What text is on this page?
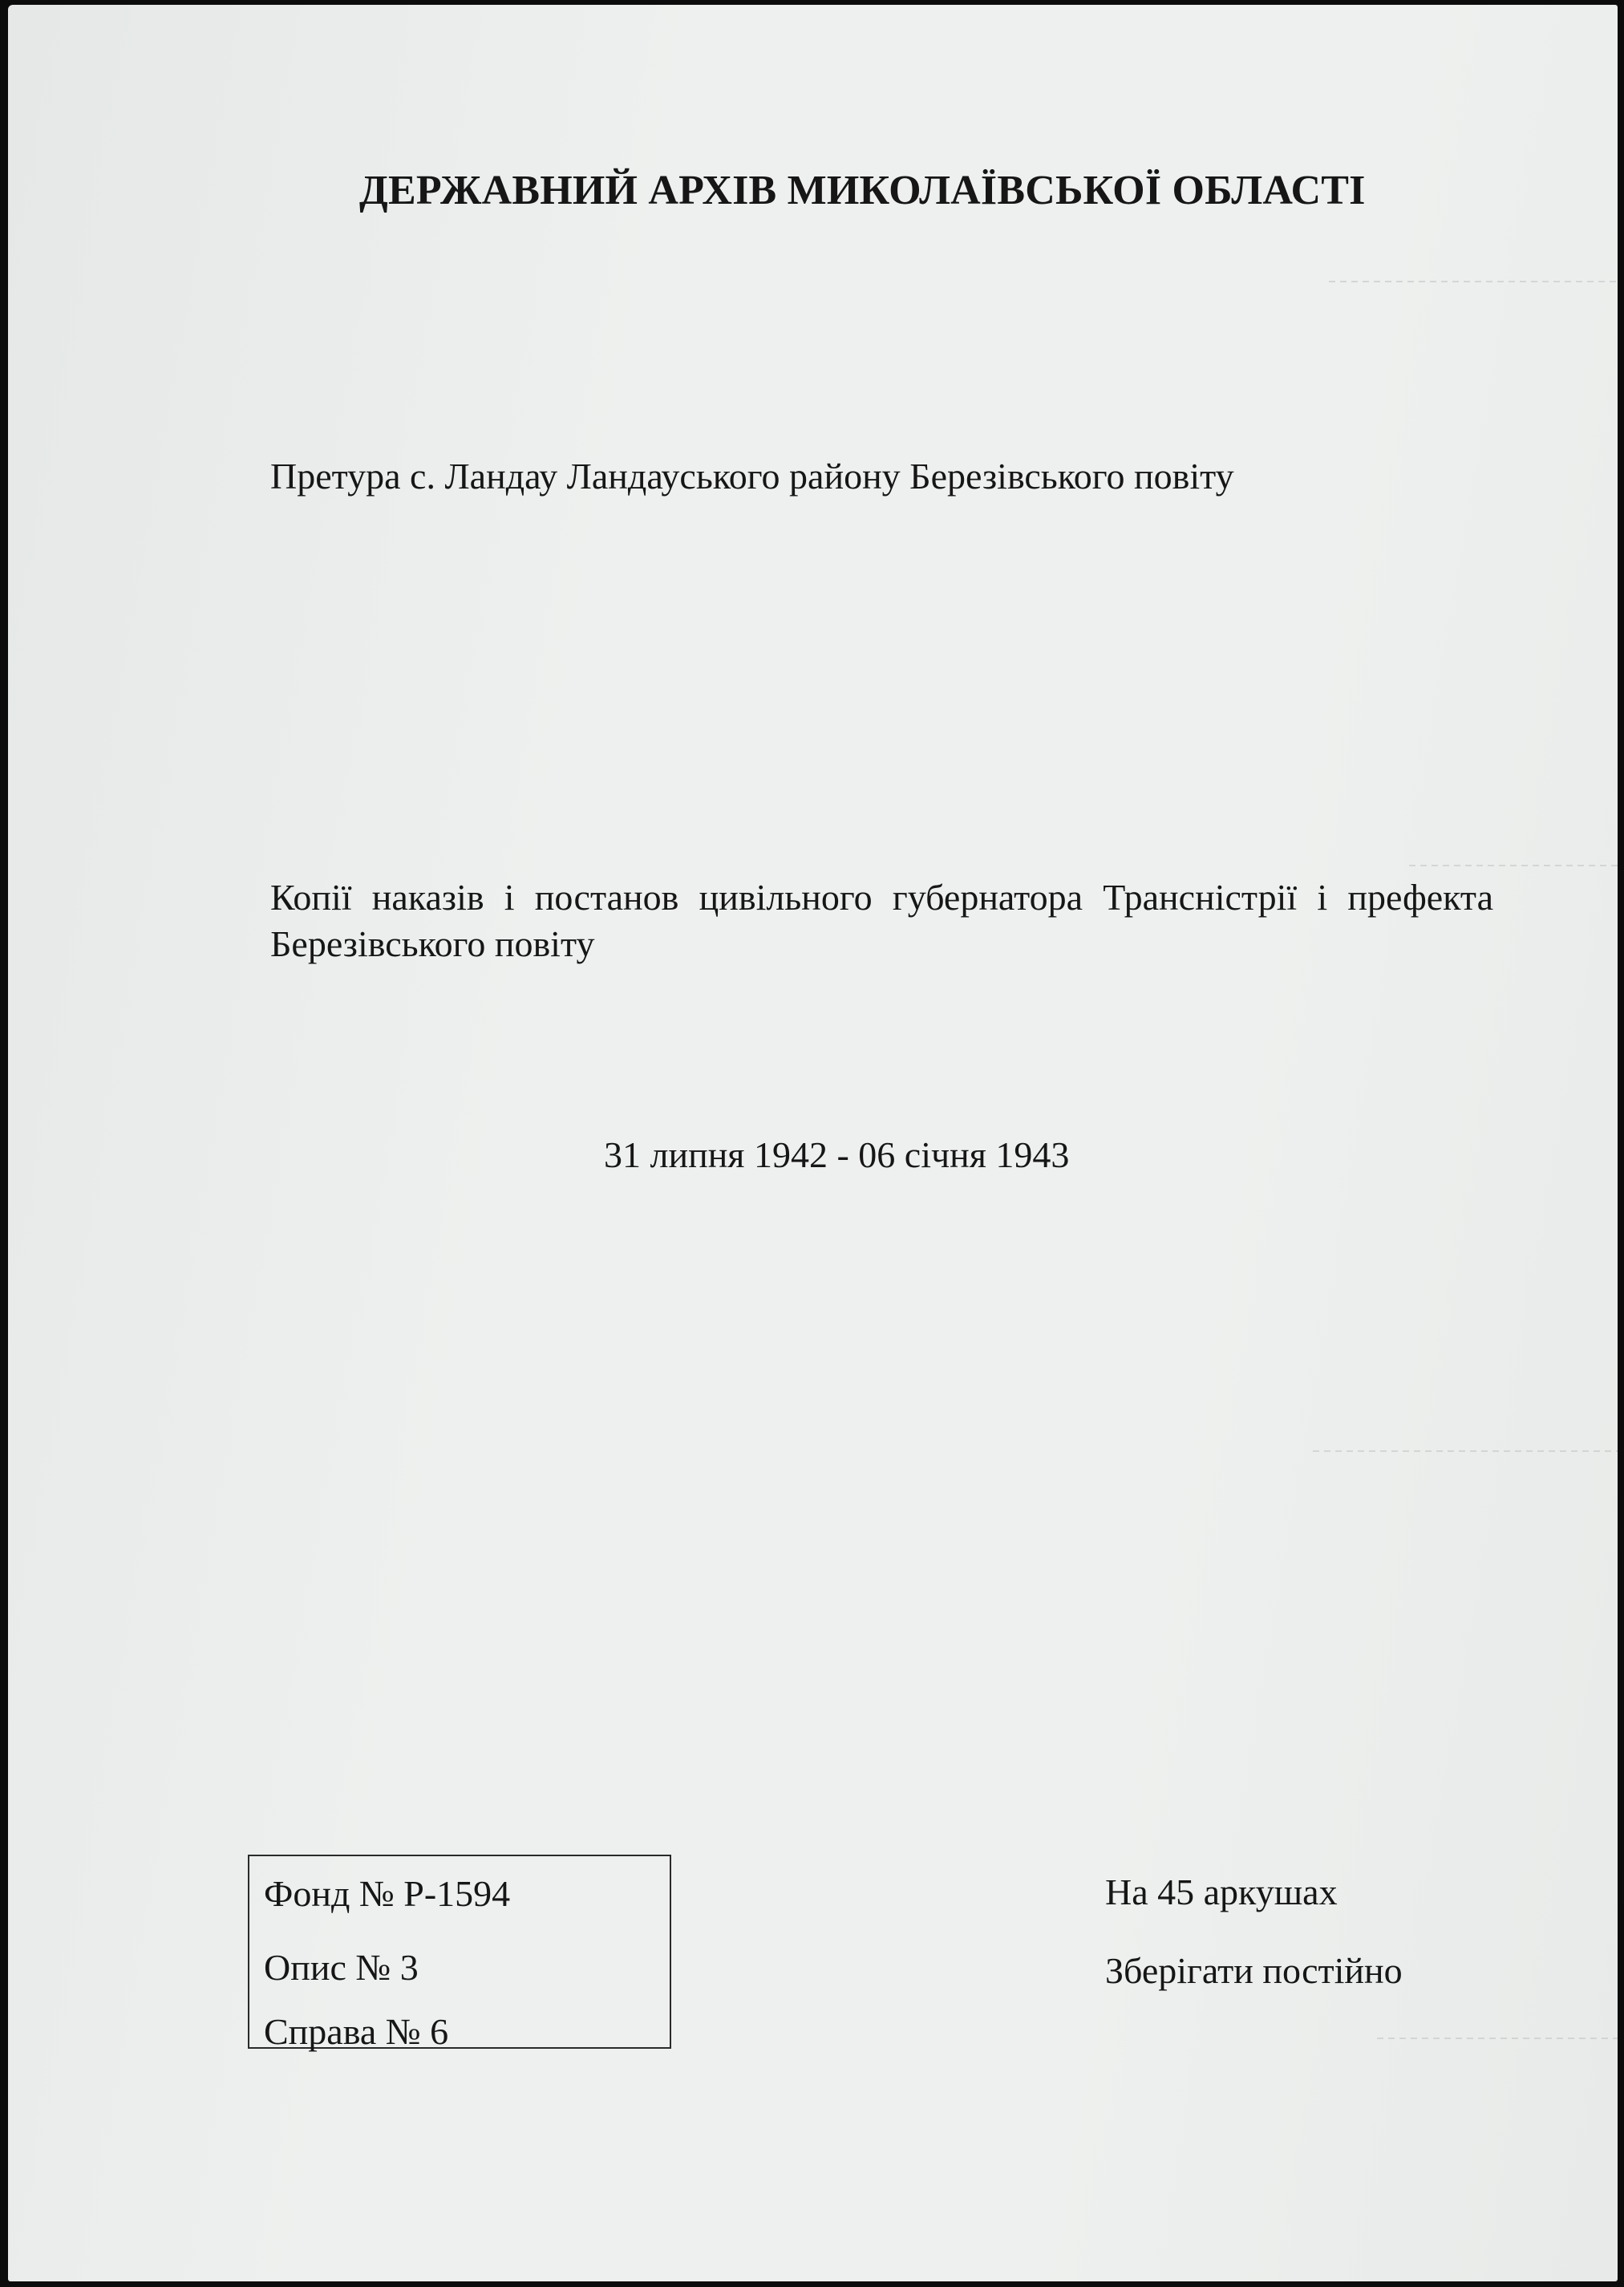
ДЕРЖАВНИЙ АРХІВ МИКОЛАЇВСЬКОЇ ОБЛАСТІ

Претура с. Ландау Ландауського району Березівського повіту

Копії наказів і постанов цивільного губернатора Трансністрії і префекта Березівського повіту

31 липня 1942 - 06 січня 1943

Фонд № Р-1594

Опис № 3

Справа № 6

На 45 аркушах

Зберігати постійно
